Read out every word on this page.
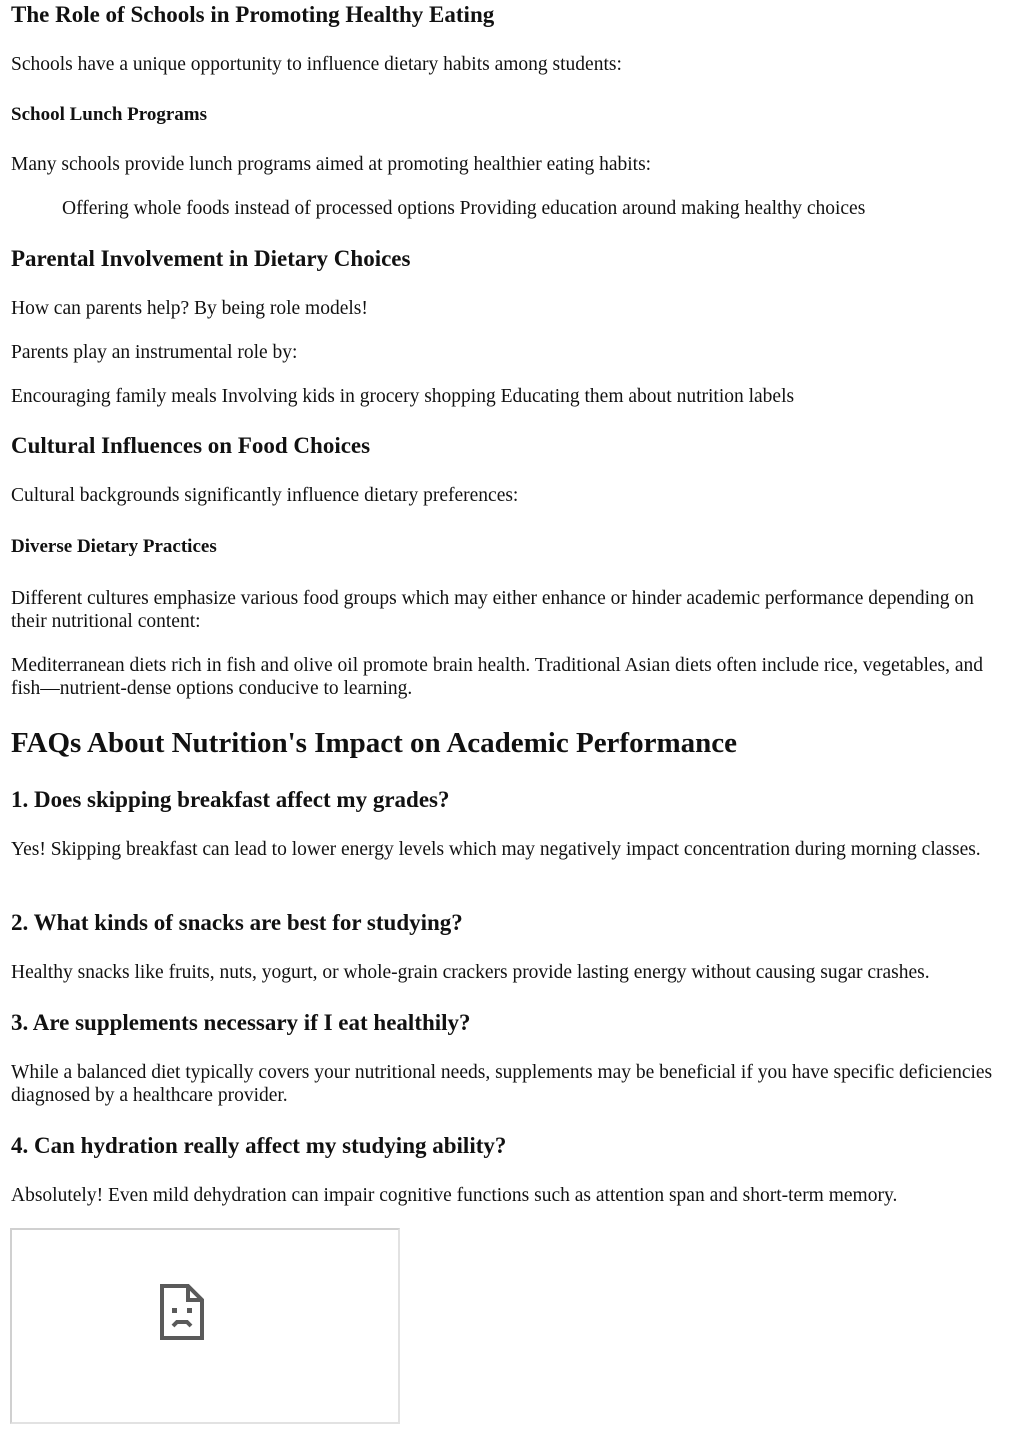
The Role of Schools in Promoting Healthy Eating

Schools have a unique opportunity to influence dietary habits among students:

School Lunch Programs

Many schools provide lunch programs aimed at promoting healthier eating habits:

Offering whole foods instead of processed options Providing education around making healthy choices

Parental Involvement in Dietary Choices

How can parents help? By being role models!

Parents play an instrumental role by:

Encouraging family meals Involving kids in grocery shopping Educating them about nutrition labels

Cultural Influences on Food Choices

Cultural backgrounds significantly influence dietary preferences:

Diverse Dietary Practices

Different cultures emphasize various food groups which may either enhance or hinder academic performance depending on their nutritional content:

Mediterranean diets rich in fish and olive oil promote brain health. Traditional Asian diets often include rice, vegetables, and fish—nutrient-dense options conducive to learning.

FAQs About Nutrition's Impact on Academic Performance
1. Does skipping breakfast affect my grades?

Yes! Skipping breakfast can lead to lower energy levels which may negatively impact concentration during morning classes.

2. What kinds of snacks are best for studying?

Healthy snacks like fruits, nuts, yogurt, or whole-grain crackers provide lasting energy without causing sugar crashes.

3. Are supplements necessary if I eat healthily?

While a balanced diet typically covers your nutritional needs, supplements may be beneficial if you have specific deficiencies diagnosed by a healthcare provider.

4. Can hydration really affect my studying ability?

Absolutely! Even mild dehydration can impair cognitive functions such as attention span and short-term memory.
